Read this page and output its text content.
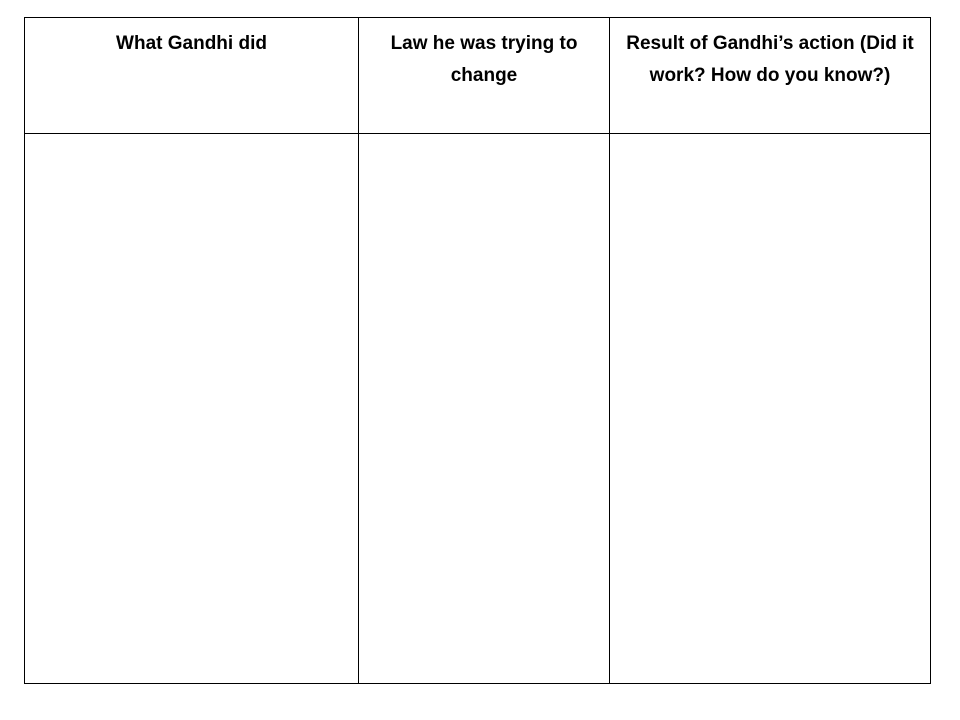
What Gandhi did	Law he was trying to change	Result of Gandhi’s action (Did it work? How do you know?)
